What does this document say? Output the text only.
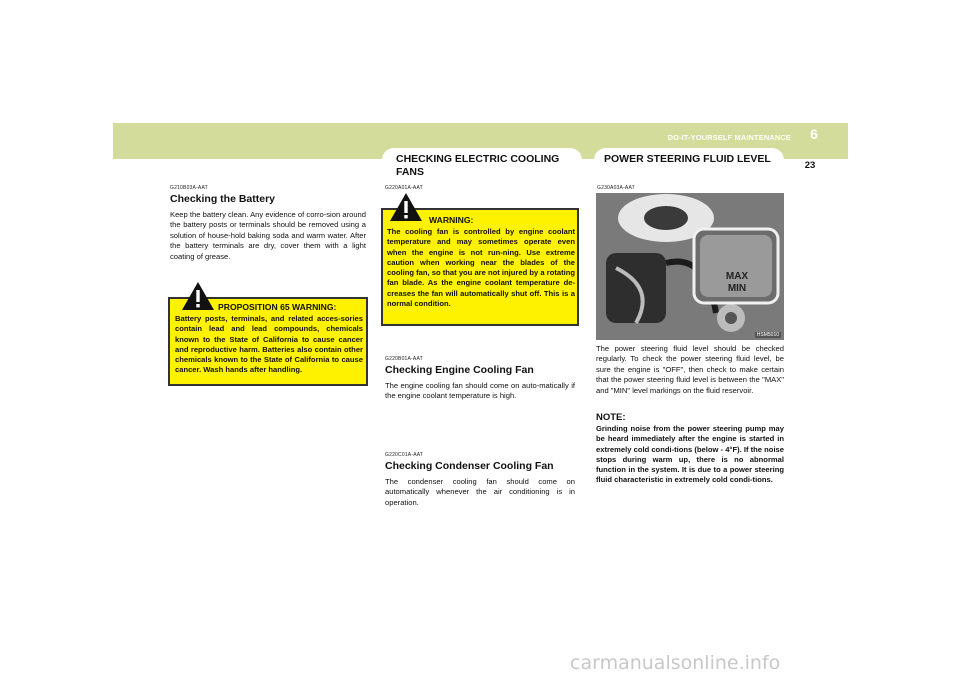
DO-IT-YOURSELF MAINTENANCE	6
23
CHECKING ELECTRIC COOLING FANS
POWER STEERING FLUID LEVEL
G210B03A-AAT
Checking the Battery
Keep the battery clean. Any evidence of corro-sion around the battery posts or terminals should be removed using a solution of house-hold baking soda and warm water. After the battery terminals are dry, cover them with a light coating of grease.
PROPOSITION 65 WARNING:
Battery posts, terminals, and related acces-sories contain lead and lead compounds, chemicals known to the State of California to cause cancer and reproductive harm. Batteries also contain other chemicals known to the State of California to cause cancer. Wash hands after handling.
G220A01A-AAT
WARNING:
The cooling fan is controlled by engine coolant temperature and may sometimes operate even when the engine is not run-ning. Use extreme caution when working near the blades of the cooling fan, so that you are not injured by a rotating fan blade. As the engine coolant temperature de-creases the fan will automatically shut off. This is a normal condition.
G220B01A-AAT
Checking Engine Cooling Fan
The engine cooling fan should come on auto-matically if the engine coolant temperature is high.
G220C01A-AAT
Checking Condenser Cooling Fan
The condenser cooling fan should come on automatically whenever the air conditioning is in operation.
G230A03A-AAT
MAX
MIN
HSM5010
The power steering fluid level should be checked regularly. To check the power steering fluid level, be sure the engine is "OFF", then check to make certain that the power steering fluid level is between the "MAX" and "MIN" level markings on the fluid reservoir.
NOTE:
Grinding noise from the power steering pump may be heard immediately after the engine is started in extremely cold condi-tions (below - 4°F). If the noise stops during warm up, there is no abnormal function in the system. It is due to a power steering fluid characteristic in extremely cold condi-tions.
carmanualsonline.info
